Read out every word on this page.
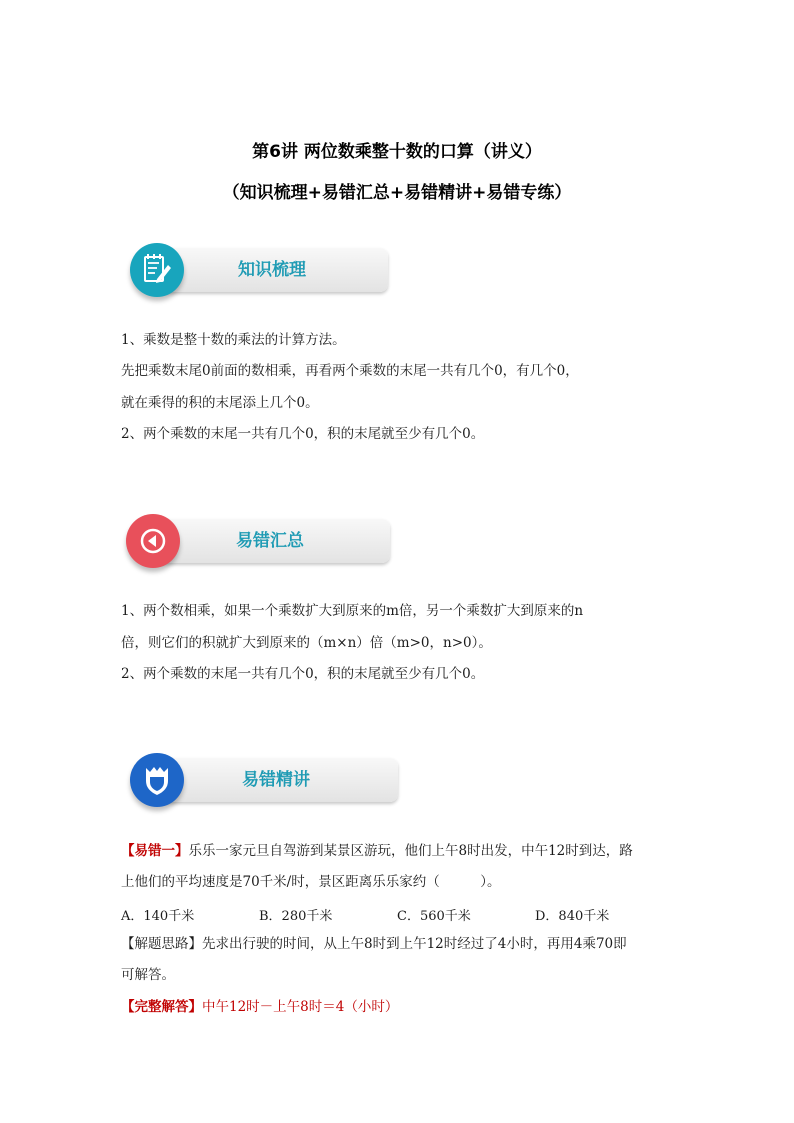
第6讲 两位数乘整十数的口算（讲义）
（知识梳理+易错汇总+易错精讲+易错专练）
知识梳理
1、乘数是整十数的乘法的计算方法。
先把乘数末尾0前面的数相乘，再看两个乘数的末尾一共有几个0，有几个0，
就在乘得的积的末尾添上几个0。
2、两个乘数的末尾一共有几个0，积的末尾就至少有几个0。
易错汇总
1、两个数相乘，如果一个乘数扩大到原来的m倍，另一个乘数扩大到原来的n
倍，则它们的积就扩大到原来的（m×n）倍（m>0，n>0）。
2、两个乘数的末尾一共有几个0，积的末尾就至少有几个0。
易错精讲
【易错一】乐乐一家元旦自驾游到某景区游玩，他们上午8时出发，中午12时到达，路
上他们的平均速度是70千米/时，景区距离乐乐家约（　　　）。
A．140千米	B．280千米	C．560千米	D．840千米
【解题思路】先求出行驶的时间，从上午8时到上午12时经过了4小时，再用4乘70即
可解答。
【完整解答】中午12时－上午8时＝4（小时）
